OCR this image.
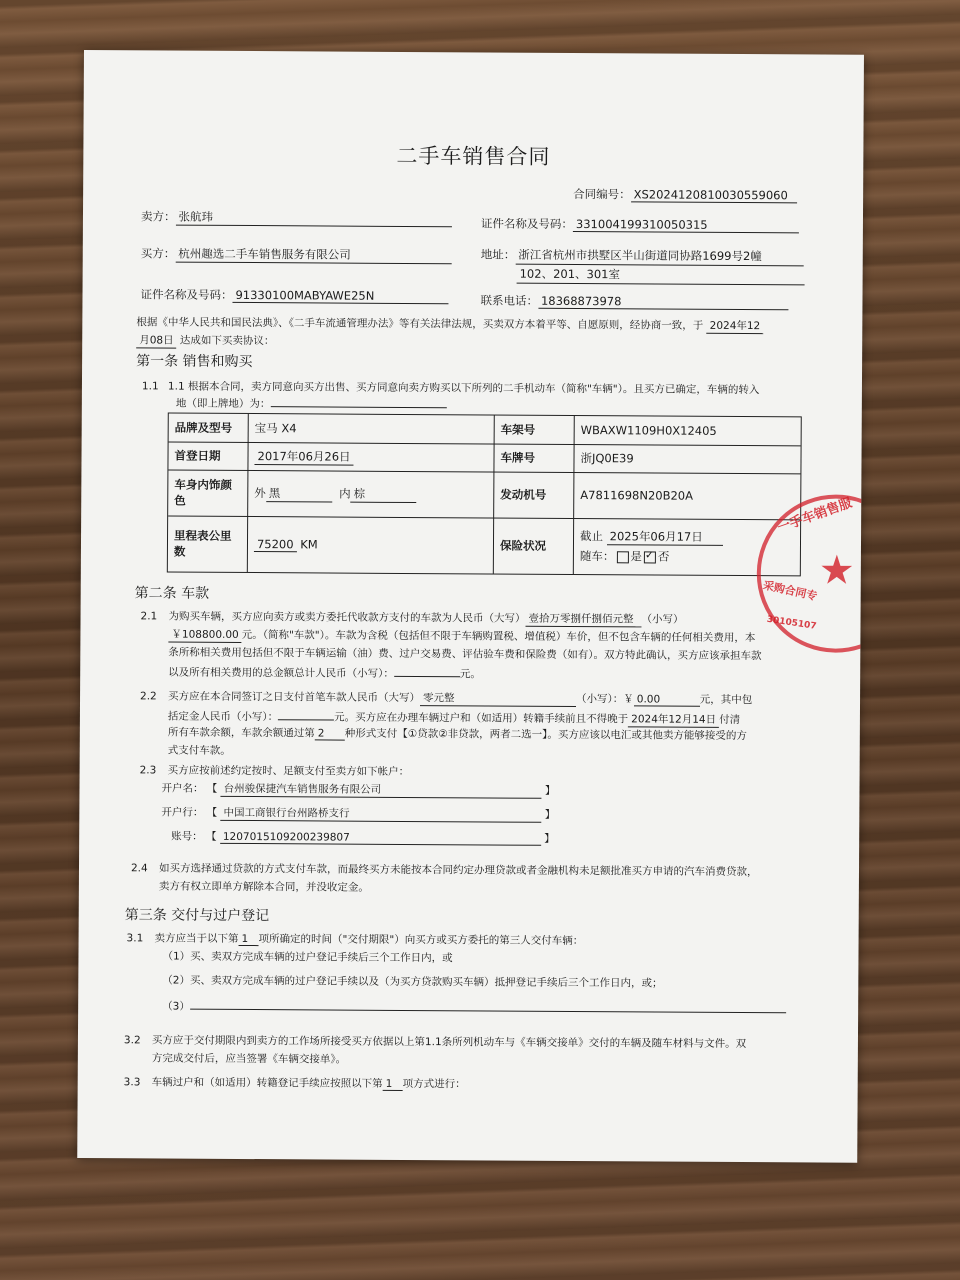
二手车销售合同
合同编号： XS20241208100305590​60
卖方： 张航玮	证件名称及号码： 331004199310050315
买方： 杭州趣选二手车销售服务有限公司	地址： 浙江省杭州市拱墅区半山街道同协路1699号2幢
102、201、301室
证件名称及号码： 91330100MABYAWE25N	联系电话： 18368873978
根据《中华人民共和国民法典》、《二手车流通管理办法》等有关法律法规，买卖双方本着平等、自愿原则，经协商一致，于 2024年12
月08日 达成如下买卖协议：
第一条 销售和购买
1.1 1.1 根据本合同，卖方同意向买方出售、买方同意向卖方购买以下所列的二手机动车（简称"车辆"）。且买方已确定，车辆的转入
地（即上牌地）为：
品牌及型号	宝马 X4	车架号	WBAXW1109H0X12405
首登日期	2017年06月26日	车牌号	浙JQ0E39
车身内饰颜
色
外 黑
	内 棕	发动机号	A7811698N20B20A
里程表公里
数
75200
KM	保险状况
截止 2025年06月17日
随车： 是✓ 否
一手车销售服
采购合同专
30105107
★
第二条 车款
2.1 为购买车辆，买方应向卖方或卖方委托代收款方支付的车款为人民币（大写） 壹拾万零捌仟捌佰元整 （小写）
￥108800.00 元。（简称"车款"）。车款为含税（包括但不限于车辆购置税、增值税）车价，但不包含车辆的任何相关费用，本
条所称相关费用包括但不限于车辆运输（油）费、过户交易费、评估验车费和保险费（如有）。双方特此确认，买方应该承担车款
以及所有相关费用的总金额总计人民币（小写）：	元。
2.2 买方应在本合同签订之日支付首笔车款人民币（大写） 零元整	（小写）：￥ 0.00	元，其中包
括定金人民币（小写）：	元。买方应在办理车辆过户和（如适用）转籍手续前且不得晚于 2024年12月14日 付清
所有车款余额，车款余额通过第 2 种形式支付【①贷款②非贷款，两者二选一】。买方应该以电汇或其他卖方能够接受的方
式支付车款。
2.3 买方应按前述约定按时、足额支付至卖方如下帐户：
开户名： 【 台州骏保捷汽车销售服务有限公司	】
开户行： 【 中国工商银行台州路桥支行	】
账号： 【 1207015109200239807	】
2.4 如买方选择通过贷款的方式支付车款，而最终买方未能按本合同约定办理贷款或者金融机构未足额批准买方申请的汽车消费贷款，
卖方有权立即单方解除本合同，并没收定金。
第三条 交付与过户登记
3.1 卖方应当于以下第 1 项所确定的时间（"交付期限"）向买方或买方委托的第三人交付车辆：
（1）买、卖双方完成车辆的过户登记手续后三个工作日内，或
（2）买、卖双方完成车辆的过户登记手续以及（为买方贷款购买车辆）抵押登记手续后三个工作日内，或；
（3）
3.2 买方应于交付期限内到卖方的工作场所接受买方依据以上第1.1条所列机动车与《车辆交接单》交付的车辆及随车材料与文件。双
方完成交付后，应当签署《车辆交接单》。
3.3 车辆过户和（如适用）转籍登记手续应按照以下第 1 项方式进行：
